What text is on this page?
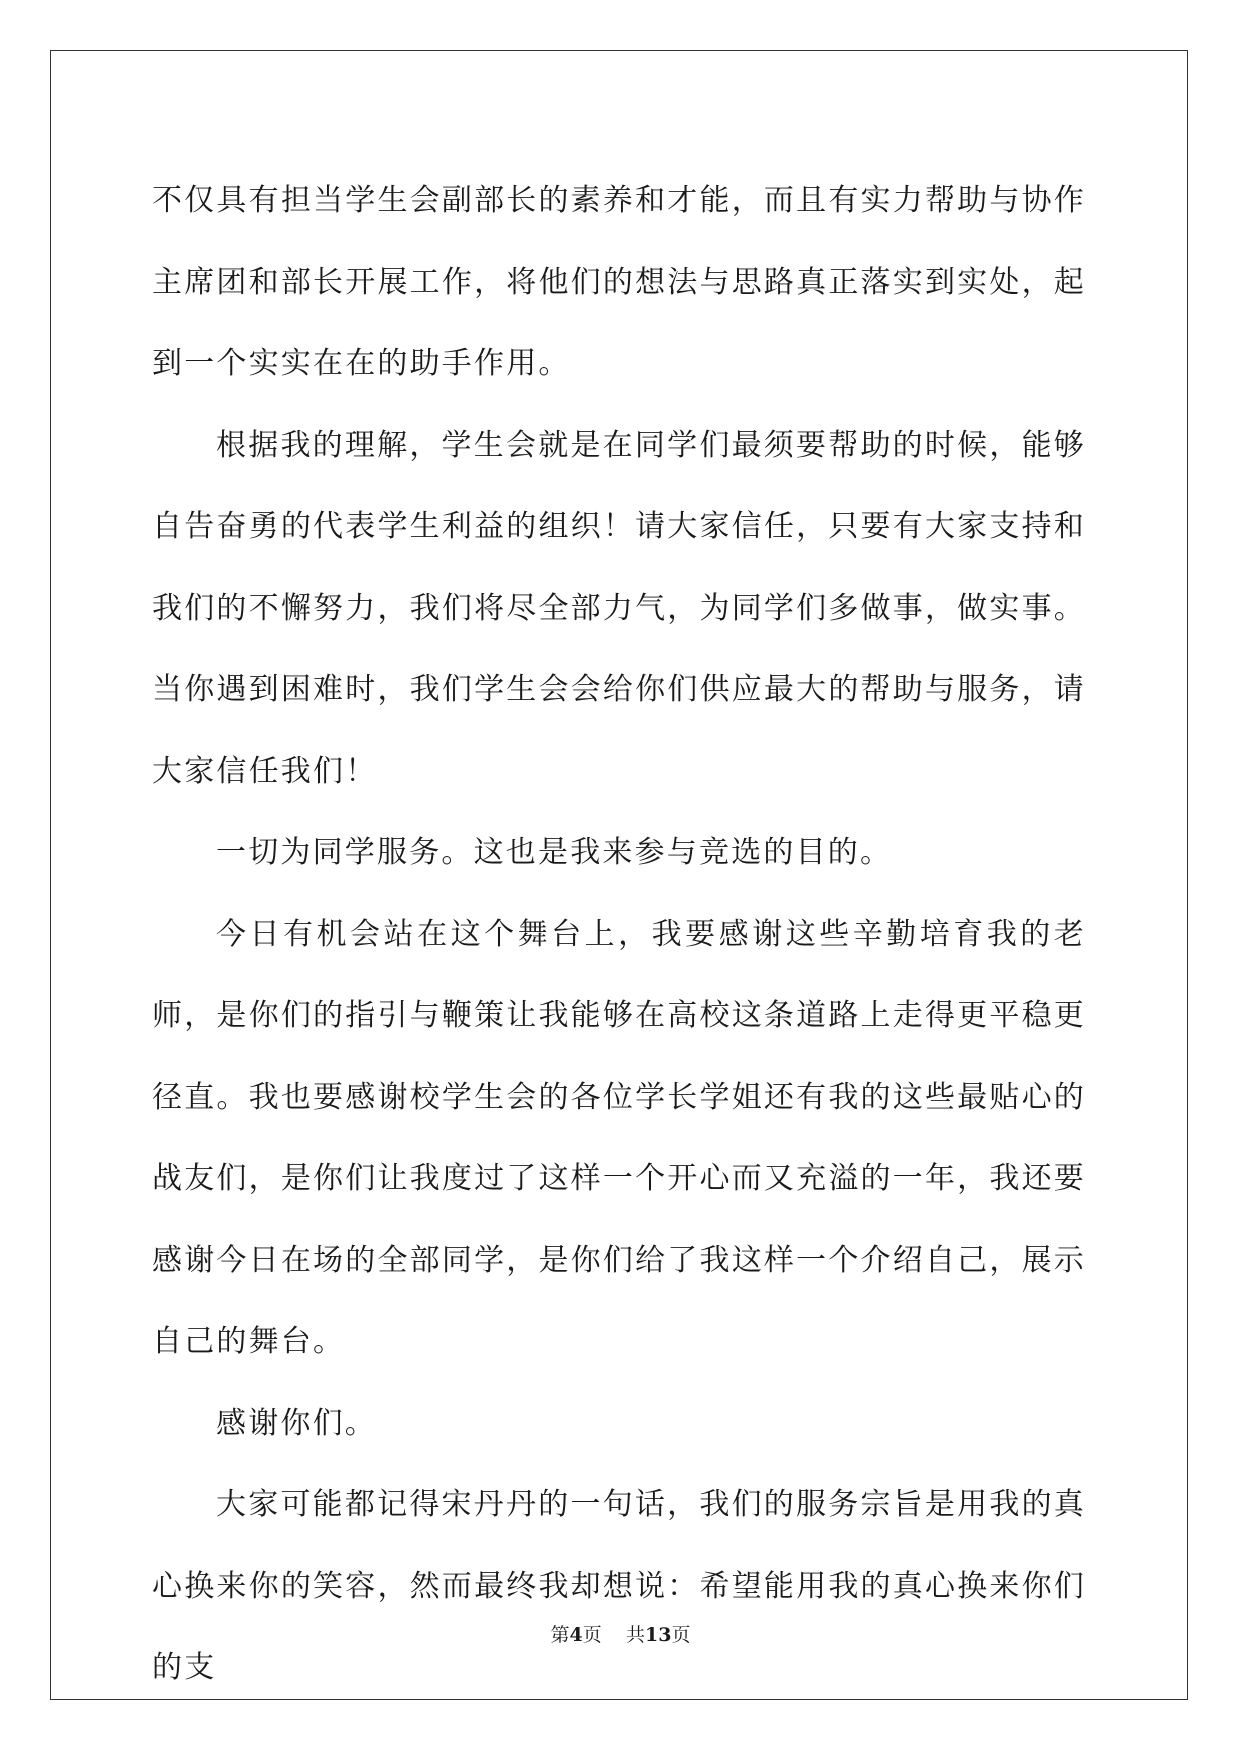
不仅具有担当学生会副部长的素养和才能，而且有实力帮助与协作主席团和部长开展工作，将他们的想法与思路真正落实到实处，起到一个实实在在的助手作用。

根据我的理解，学生会就是在同学们最须要帮助的时候，能够自告奋勇的代表学生利益的组织！请大家信任，只要有大家支持和我们的不懈努力，我们将尽全部力气，为同学们多做事，做实事。当你遇到困难时，我们学生会会给你们供应最大的帮助与服务，请大家信任我们！

一切为同学服务。这也是我来参与竞选的目的。

今日有机会站在这个舞台上，我要感谢这些辛勤培育我的老师，是你们的指引与鞭策让我能够在高校这条道路上走得更平稳更径直。我也要感谢校学生会的各位学长学姐还有我的这些最贴心的战友们，是你们让我度过了这样一个开心而又充溢的一年，我还要感谢今日在场的全部同学，是你们给了我这样一个介绍自己，展示自己的舞台。

感谢你们。

大家可能都记得宋丹丹的一句话，我们的服务宗旨是用我的真心换来你的笑容，然而最终我却想说：希望能用我的真心换来你们的支

第4页 共13页
